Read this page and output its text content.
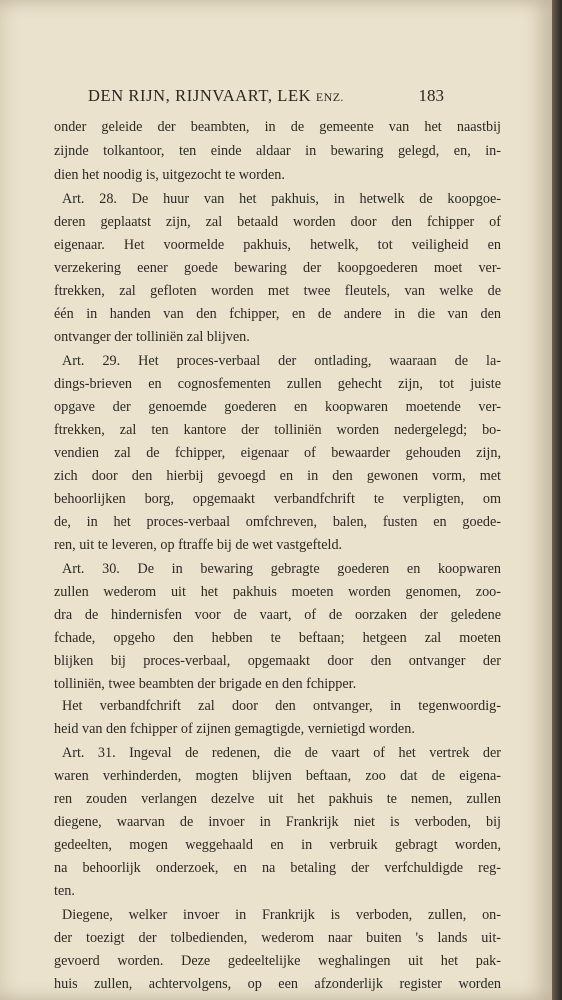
DEN RIJN, RIJNVAART, LEK ENZ.	183
onder geleide der beambten, in de gemeente van het naastbij
zijnde tolkantoor, ten einde aldaar in bewaring gelegd, en, in-
dien het noodig is, uitgezocht te worden.
Art. 28. De huur van het pakhuis, in hetwelk de koopgoe-
deren geplaatst zijn, zal betaald worden door den fchipper of
eigenaar. Het voormelde pakhuis, hetwelk, tot veiligheid en
verzekering eener goede bewaring der koopgoederen moet ver-
ftrekken, zal gefloten worden met twee fleutels, van welke de
één in handen van den fchipper, en de andere in die van den
ontvanger der tolliniën zal blijven.
Art. 29. Het proces-verbaal der ontlading, waaraan de la-
dings-brieven en cognosfementen zullen gehecht zijn, tot juiste
opgave der genoemde goederen en koopwaren moetende ver-
ftrekken, zal ten kantore der tolliniën worden nedergelegd; bo-
vendien zal de fchipper, eigenaar of bewaarder gehouden zijn,
zich door den hierbij gevoegd en in den gewonen vorm, met
behoorlijken borg, opgemaakt verbandfchrift te verpligten, om
de, in het proces-verbaal omfchreven, balen, fusten en goede-
ren, uit te leveren, op ftraffe bij de wet vastgefteld.
Art. 30. De in bewaring gebragte goederen en koopwaren
zullen wederom uit het pakhuis moeten worden genomen, zoo-
dra de hindernisfen voor de vaart, of de oorzaken der geledene
fchade, opgeho den hebben te beftaan; hetgeen zal moeten
blijken bij proces-verbaal, opgemaakt door den ontvanger der
tolliniën, twee beambten der brigade en den fchipper.
Het verbandfchrift zal door den ontvanger, in tegenwoordig-
heid van den fchipper of zijnen gemagtigde, vernietigd worden.
Art. 31. Ingeval de redenen, die de vaart of het vertrek der
waren verhinderden, mogten blijven beftaan, zoo dat de eigena-
ren zouden verlangen dezelve uit het pakhuis te nemen, zullen
diegene, waarvan de invoer in Frankrijk niet is verboden, bij
gedeelten, mogen weggehaald en in verbruik gebragt worden,
na behoorlijk onderzoek, en na betaling der verfchuldigde reg-
ten.
Diegene, welker invoer in Frankrijk is verboden, zullen, on-
der toezigt der tolbedienden, wederom naar buiten 's lands uit-
gevoerd worden. Deze gedeeltelijke weghalingen uit het pak-
huis zullen, achtervolgens, op een afzonderlijk register worden
